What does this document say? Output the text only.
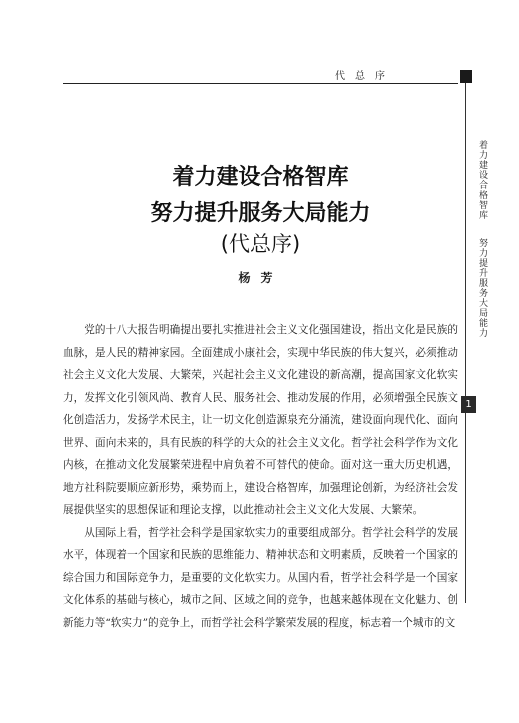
代总序
着力建设合格智库 努力提升服务大局能力
1
着力建设合格智库
努力提升服务大局能力
(代总序)
杨芳

党的十八大报告明确提出要扎实推进社会主义文化强国建设，指出文化是民族的血脉，是人民的精神家园。全面建成小康社会，实现中华民族的伟大复兴，必须推动社会主义文化大发展、大繁荣，兴起社会主义文化建设的新高潮，提高国家文化软实力，发挥文化引领风尚、教育人民、服务社会、推动发展的作用，必须增强全民族文化创造活力，发扬学术民主，让一切文化创造源泉充分涌流，建设面向现代化、面向世界、面向未来的，具有民族的科学的大众的社会主义文化。哲学社会科学作为文化内核，在推动文化发展繁荣进程中肩负着不可替代的使命。面对这一重大历史机遇，地方社科院要顺应新形势，乘势而上，建设合格智库，加强理论创新，为经济社会发展提供坚实的思想保证和理论支撑，以此推动社会主义文化大发展、大繁荣。

从国际上看，哲学社会科学是国家软实力的重要组成部分。哲学社会科学的发展水平，体现着一个国家和民族的思维能力、精神状态和文明素质，反映着一个国家的综合国力和国际竞争力，是重要的文化软实力。从国内看，哲学社会科学是一个国家文化体系的基础与核心，城市之间、区域之间的竞争，也越来越体现在文化魅力、创新能力等“软实力”的竞争上，而哲学社会科学繁荣发展的程度，标志着一个城市的文
